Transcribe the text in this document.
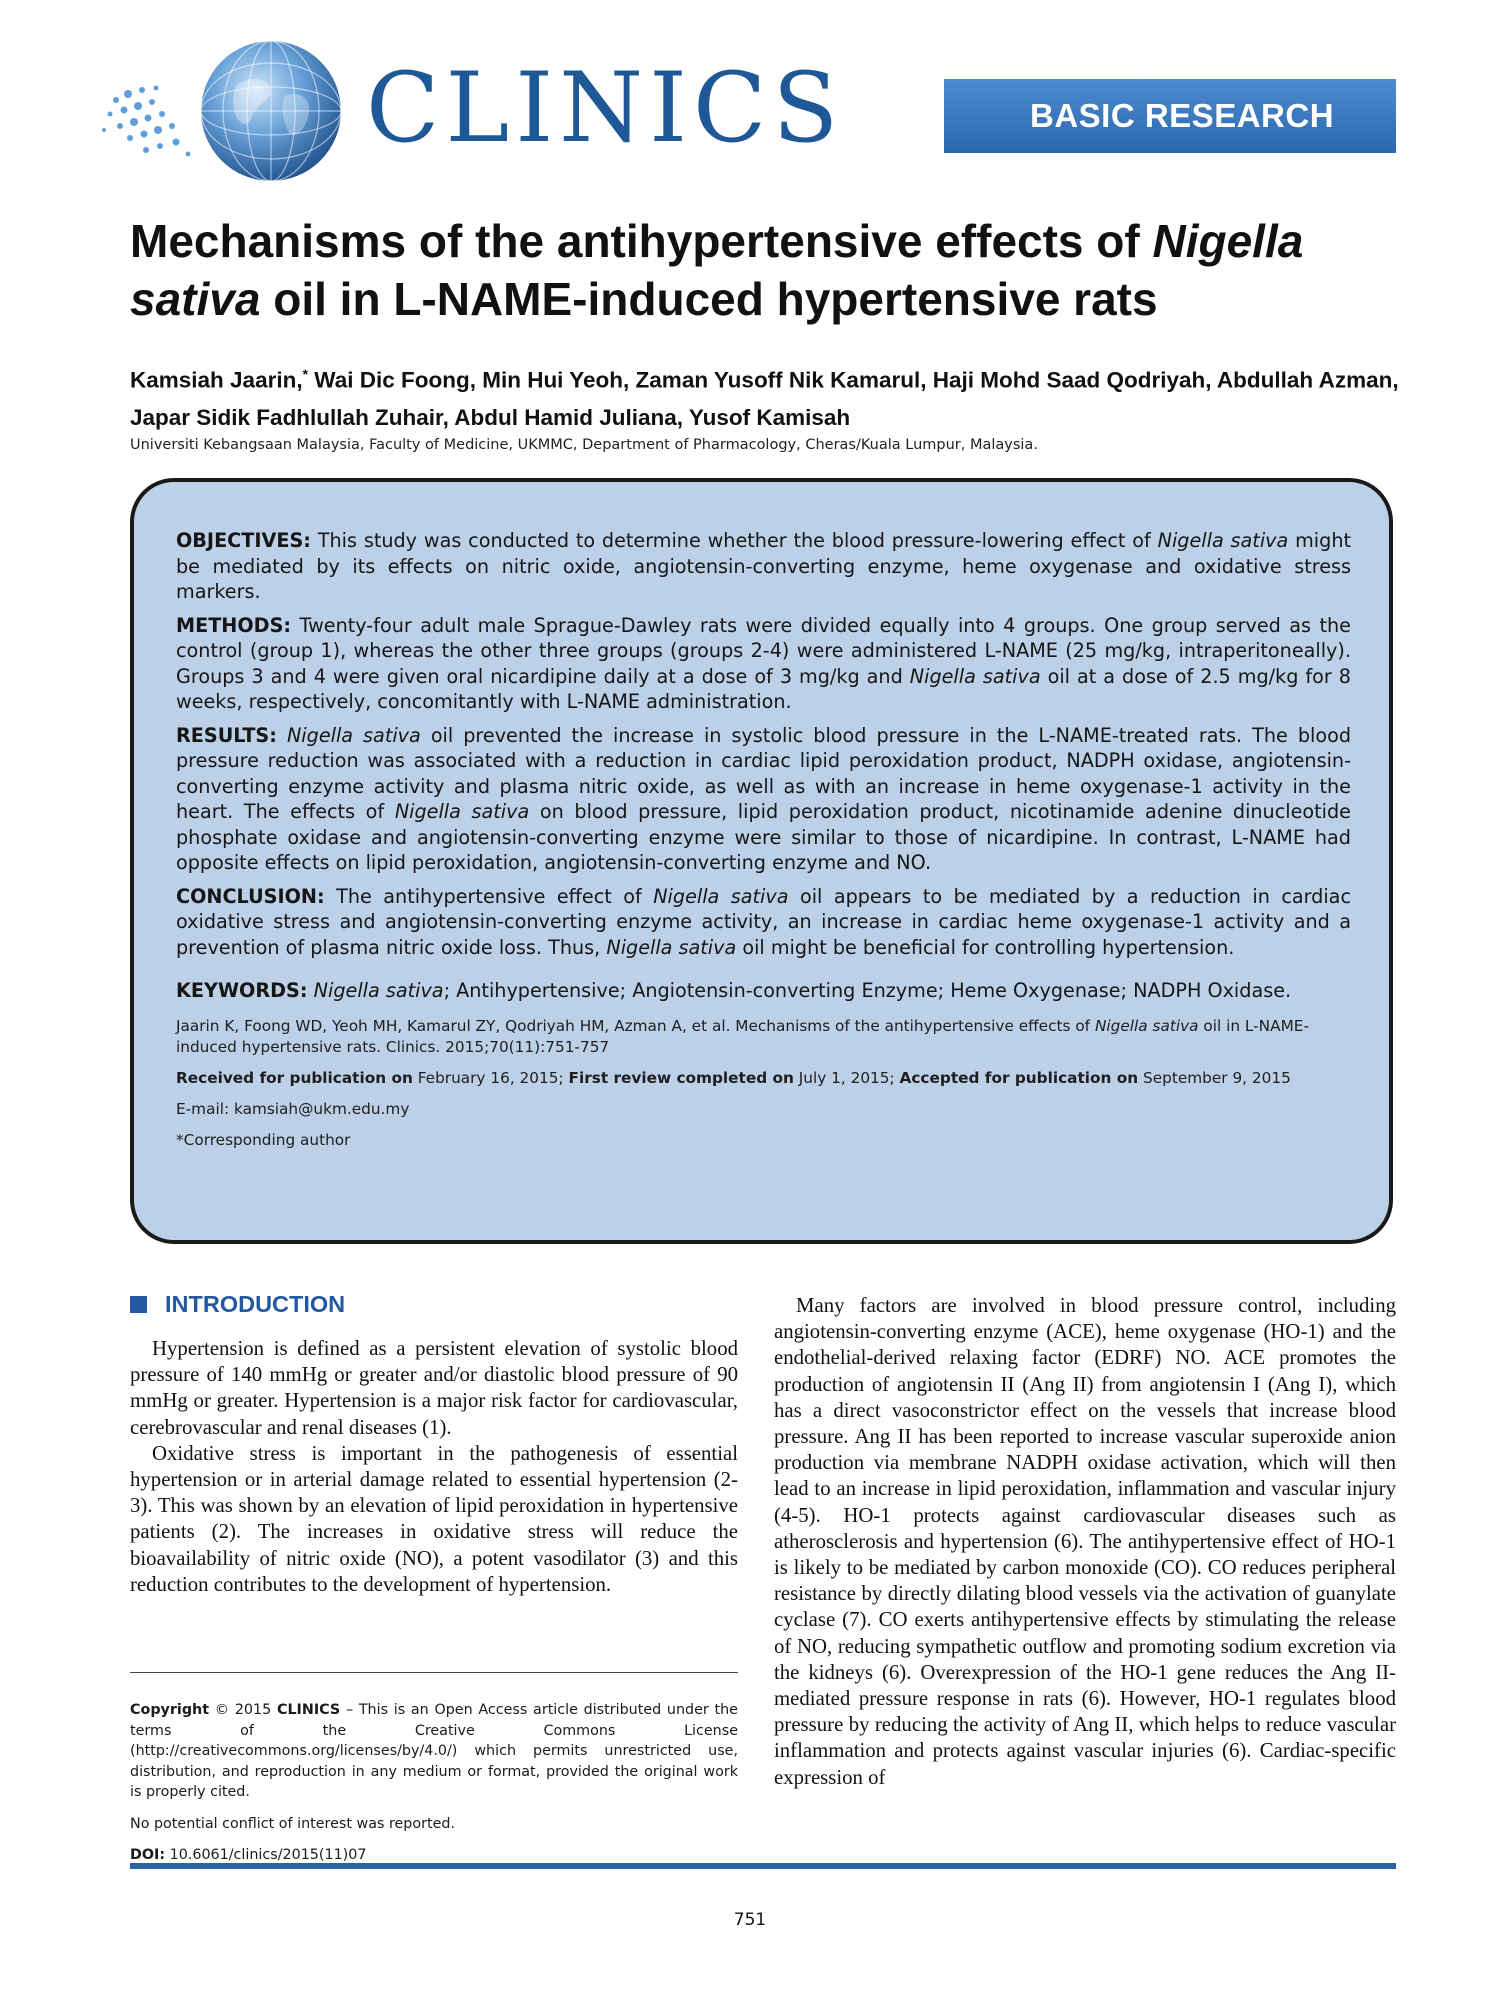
CLINICS	BASIC RESEARCH
Mechanisms of the antihypertensive effects of Nigella sativa oil in L-NAME-induced hypertensive rats
Kamsiah Jaarin,* Wai Dic Foong, Min Hui Yeoh, Zaman Yusoff Nik Kamarul, Haji Mohd Saad Qodriyah, Abdullah Azman, Japar Sidik Fadhlullah Zuhair, Abdul Hamid Juliana, Yusof Kamisah
Universiti Kebangsaan Malaysia, Faculty of Medicine, UKMMC, Department of Pharmacology, Cheras/Kuala Lumpur, Malaysia.

OBJECTIVES: This study was conducted to determine whether the blood pressure-lowering effect of Nigella sativa might be mediated by its effects on nitric oxide, angiotensin-converting enzyme, heme oxygenase and oxidative stress markers.

METHODS: Twenty-four adult male Sprague-Dawley rats were divided equally into 4 groups. One group served as the control (group 1), whereas the other three groups (groups 2-4) were administered L-NAME (25 mg/kg, intraperitoneally). Groups 3 and 4 were given oral nicardipine daily at a dose of 3 mg/kg and Nigella sativa oil at a dose of 2.5 mg/kg for 8 weeks, respectively, concomitantly with L-NAME administration.

RESULTS: Nigella sativa oil prevented the increase in systolic blood pressure in the L-NAME-treated rats. The blood pressure reduction was associated with a reduction in cardiac lipid peroxidation product, NADPH oxidase, angiotensin-converting enzyme activity and plasma nitric oxide, as well as with an increase in heme oxygenase-1 activity in the heart. The effects of Nigella sativa on blood pressure, lipid peroxidation product, nicotinamide adenine dinucleotide phosphate oxidase and angiotensin-converting enzyme were similar to those of nicardipine. In contrast, L-NAME had opposite effects on lipid peroxidation, angiotensin-converting enzyme and NO.

CONCLUSION: The antihypertensive effect of Nigella sativa oil appears to be mediated by a reduction in cardiac oxidative stress and angiotensin-converting enzyme activity, an increase in cardiac heme oxygenase-1 activity and a prevention of plasma nitric oxide loss. Thus, Nigella sativa oil might be beneficial for controlling hypertension.

KEYWORDS: Nigella sativa; Antihypertensive; Angiotensin-converting Enzyme; Heme Oxygenase; NADPH Oxidase.

Jaarin K, Foong WD, Yeoh MH, Kamarul ZY, Qodriyah HM, Azman A, et al. Mechanisms of the antihypertensive effects of Nigella sativa oil in L-NAME-induced hypertensive rats. Clinics. 2015;70(11):751-757

Received for publication on February 16, 2015; First review completed on July 1, 2015; Accepted for publication on September 9, 2015

E-mail: kamsiah@ukm.edu.my

*Corresponding author

INTRODUCTION

Hypertension is defined as a persistent elevation of systolic blood pressure of 140 mmHg or greater and/or diastolic blood pressure of 90 mmHg or greater. Hypertension is a major risk factor for cardiovascular, cerebrovascular and renal diseases (1).

Oxidative stress is important in the pathogenesis of essential hypertension or in arterial damage related to essential hypertension (2-3). This was shown by an elevation of lipid peroxidation in hypertensive patients (2). The increases in oxidative stress will reduce the bioavailability of nitric oxide (NO), a potent vasodilator (3) and this reduction contributes to the development of hypertension.

Many factors are involved in blood pressure control, including angiotensin-converting enzyme (ACE), heme oxygenase (HO-1) and the endothelial-derived relaxing factor (EDRF) NO. ACE promotes the production of angiotensin II (Ang II) from angiotensin I (Ang I), which has a direct vasoconstrictor effect on the vessels that increase blood pressure. Ang II has been reported to increase vascular superoxide anion production via membrane NADPH oxidase activation, which will then lead to an increase in lipid peroxidation, inflammation and vascular injury (4-5). HO-1 protects against cardiovascular diseases such as atherosclerosis and hypertension (6). The antihypertensive effect of HO-1 is likely to be mediated by carbon monoxide (CO). CO reduces peripheral resistance by directly dilating blood vessels via the activation of guanylate cyclase (7). CO exerts antihypertensive effects by stimulating the release of NO, reducing sympathetic outflow and promoting sodium excretion via the kidneys (6). Overexpression of the HO-1 gene reduces the Ang II-mediated pressure response in rats (6). However, HO-1 regulates blood pressure by reducing the activity of Ang II, which helps to reduce vascular inflammation and protects against vascular injuries (6). Cardiac-specific expression of

Copyright © 2015 CLINICS – This is an Open Access article distributed under the terms of the Creative Commons License (http://creativecommons.org/licenses/by/4.0/) which permits unrestricted use, distribution, and reproduction in any medium or format, provided the original work is properly cited.

No potential conflict of interest was reported.

DOI: 10.6061/clinics/2015(11)07

751
